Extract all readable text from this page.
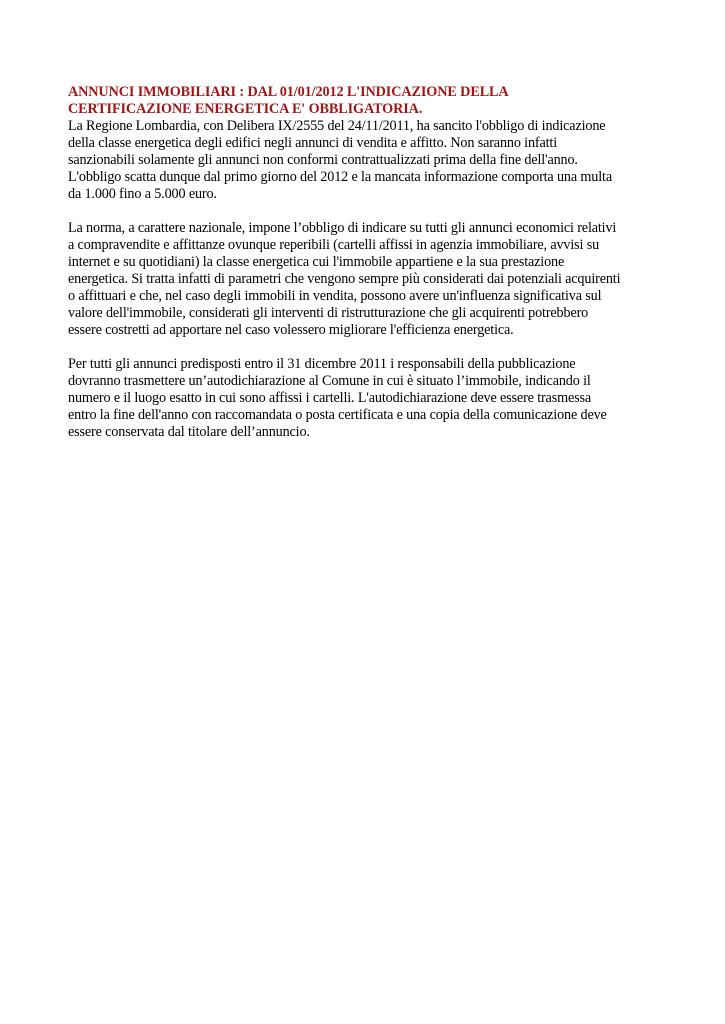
ANNUNCI IMMOBILIARI : DAL 01/01/2012 L'INDICAZIONE DELLA
CERTIFICAZIONE ENERGETICA E' OBBLIGATORIA.

La Regione Lombardia, con Delibera IX/2555 del 24/11/2011, ha sancito l'obbligo di indicazione
della classe energetica degli edifici negli annunci di vendita e affitto. Non saranno infatti
sanzionabili solamente gli annunci non conformi contrattualizzati prima della fine dell'anno.
L'obbligo scatta dunque dal primo giorno del 2012 e la mancata informazione comporta una multa
da 1.000 fino a 5.000 euro.

La norma, a carattere nazionale, impone l’obbligo di indicare su tutti gli annunci economici relativi
a compravendite e affittanze ovunque reperibili (cartelli affissi in agenzia immobiliare, avvisi su
internet e su quotidiani) la classe energetica cui l'immobile appartiene e la sua prestazione
energetica. Si tratta infatti di parametri che vengono sempre più considerati dai potenziali acquirenti
o affittuari e che, nel caso degli immobili in vendita, possono avere un'influenza significativa sul
valore dell'immobile, considerati gli interventi di ristrutturazione che gli acquirenti potrebbero
essere costretti ad apportare nel caso volessero migliorare l'efficienza energetica.

Per tutti gli annunci predisposti entro il 31 dicembre 2011 i responsabili della pubblicazione
dovranno trasmettere un’autodichiarazione al Comune in cui è situato l’immobile, indicando il
numero e il luogo esatto in cui sono affissi i cartelli. L'autodichiarazione deve essere trasmessa
entro la fine dell'anno con raccomandata o posta certificata e una copia della comunicazione deve
essere conservata dal titolare dell’annuncio.
